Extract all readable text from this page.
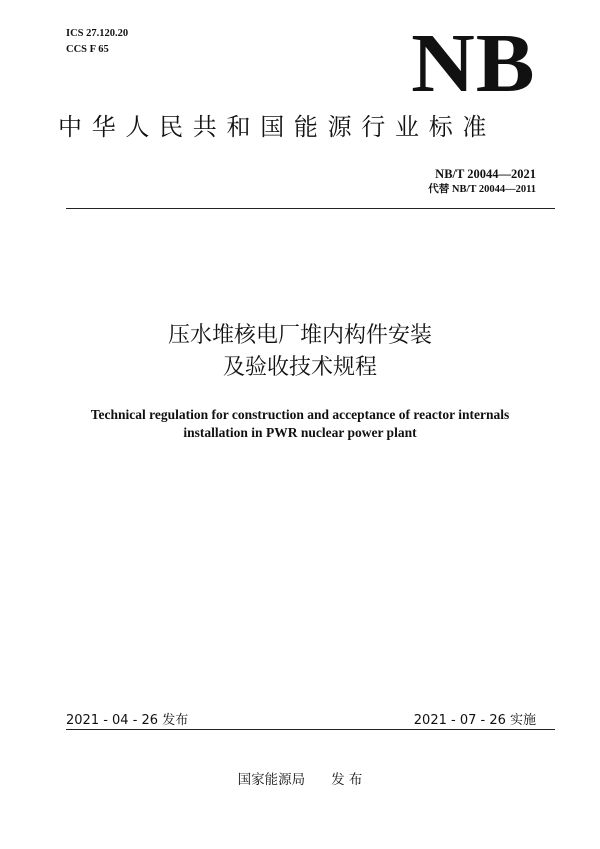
ICS 27.120.20
CCS F 65	NB
中华人民共和国能源行业标准
NB/T 20044—2021
代替 NB/T 20044—2011
压水堆核电厂堆内构件安装
及验收技术规程
Technical regulation for construction and acceptance of reactor internals
installation in PWR nuclear power plant
2021 - 04 - 26 发布	2021 - 07 - 26 实施
国家能源局 发 布
